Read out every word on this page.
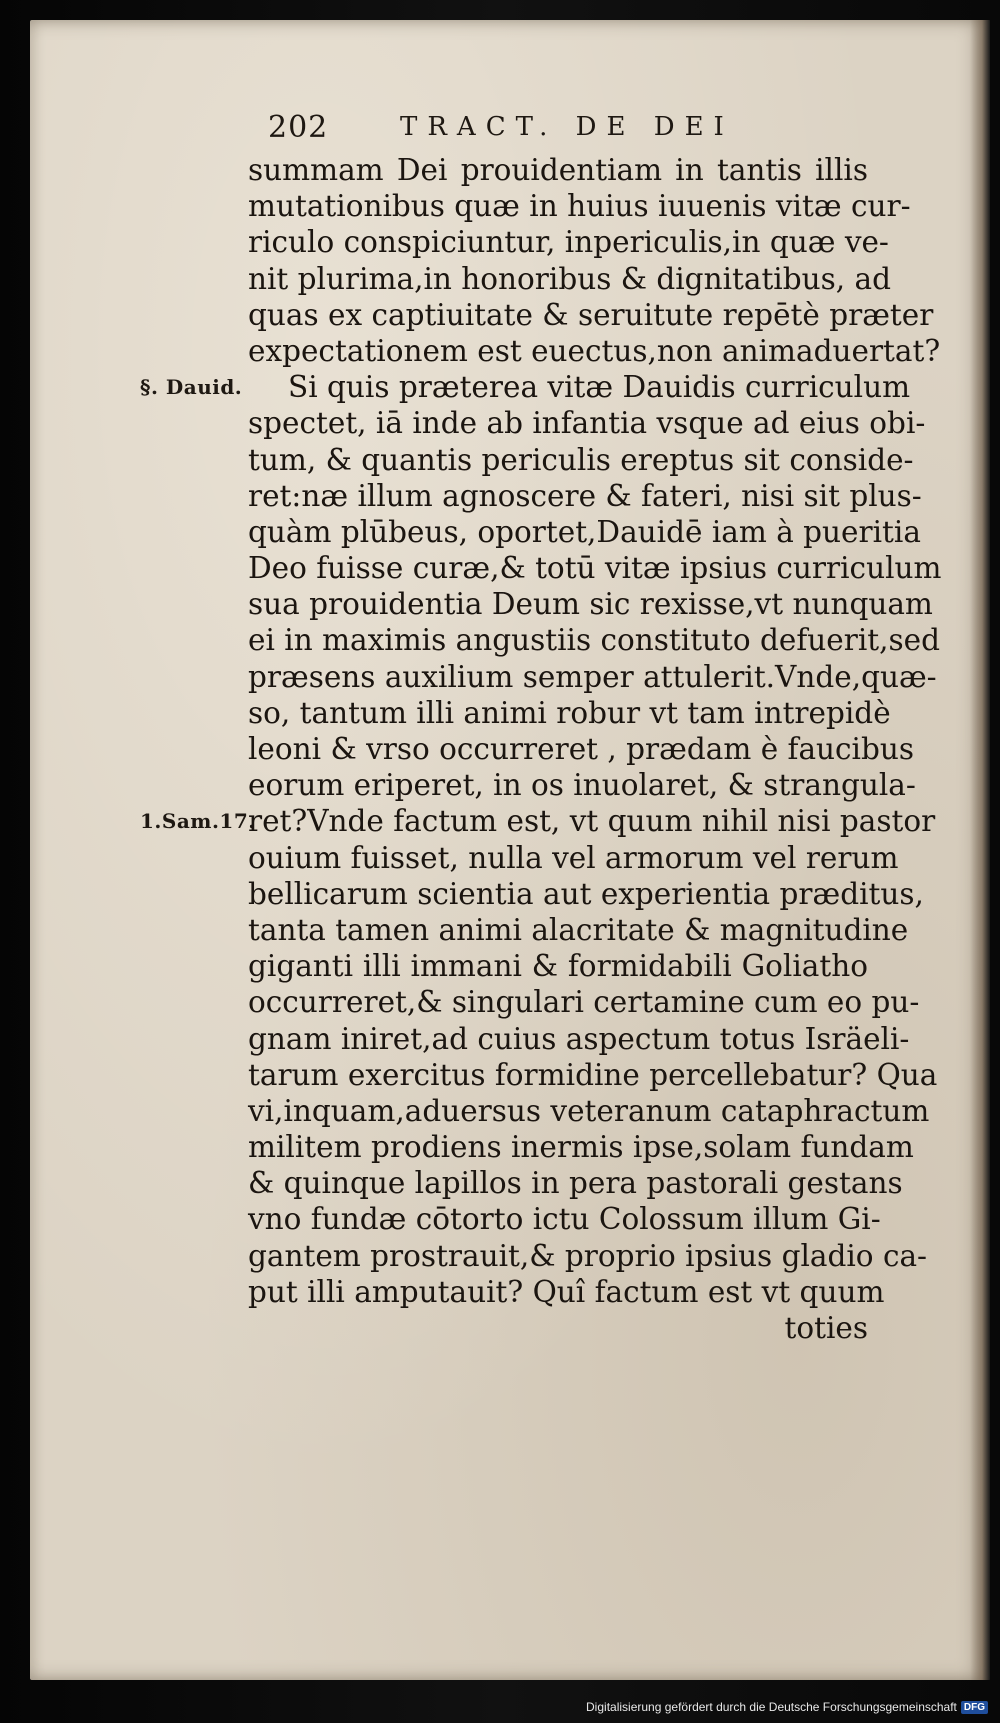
202	TRACT. DE DEI
summam Dei prouidentiam in tantis illis
mutationibus quæ in huius iuuenis vitæ cur-
riculo conspiciuntur, inpericulis,in quæ ve-
nit plurima,in honoribus & dignitatibus, ad
quas ex captiuitate & seruitute repētè præter
expectationem est euectus,non animaduertat?
§. Dauid. Si quis præterea vitæ Dauidis curriculum
spectet, iā inde ab infantia vsque ad eius obi-
tum, & quantis periculis ereptus sit conside-
ret:næ illum agnoscere & fateri, nisi sit plus-
quàm plūbeus, oportet,Dauidē iam à pueritia
Deo fuisse curæ,& totū vitæ ipsius curriculum
sua prouidentia Deum sic rexisse,vt nunquam
ei in maximis angustiis constituto defuerit,sed
præsens auxilium semper attulerit.Vnde,quæ-
so, tantum illi animi robur vt tam intrepidè
leoni & vrso occurreret , prædam è faucibus
eorum eriperet, in os inuolaret, & strangula-
1.Sam.17.
ret?Vnde factum est, vt quum nihil nisi pastor
ouium fuisset, nulla vel armorum vel rerum
bellicarum scientia aut experientia præditus,
tanta tamen animi alacritate & magnitudine
giganti illi immani & formidabili Goliatho
occurreret,& singulari certamine cum eo pu-
gnam iniret,ad cuius aspectum totus Isräeli-
tarum exercitus formidine percellebatur? Qua
vi,inquam,aduersus veteranum cataphractum
militem prodiens inermis ipse,solam fundam
& quinque lapillos in pera pastorali gestans
vno fundæ cōtorto ictu Colossum illum Gi-
gantem prostrauit,& proprio ipsius gladio ca-
put illi amputauit? Quî factum est vt quum
toties
Digitalisierung gefördert durch die Deutsche Forschungsgemeinschaft DFG
